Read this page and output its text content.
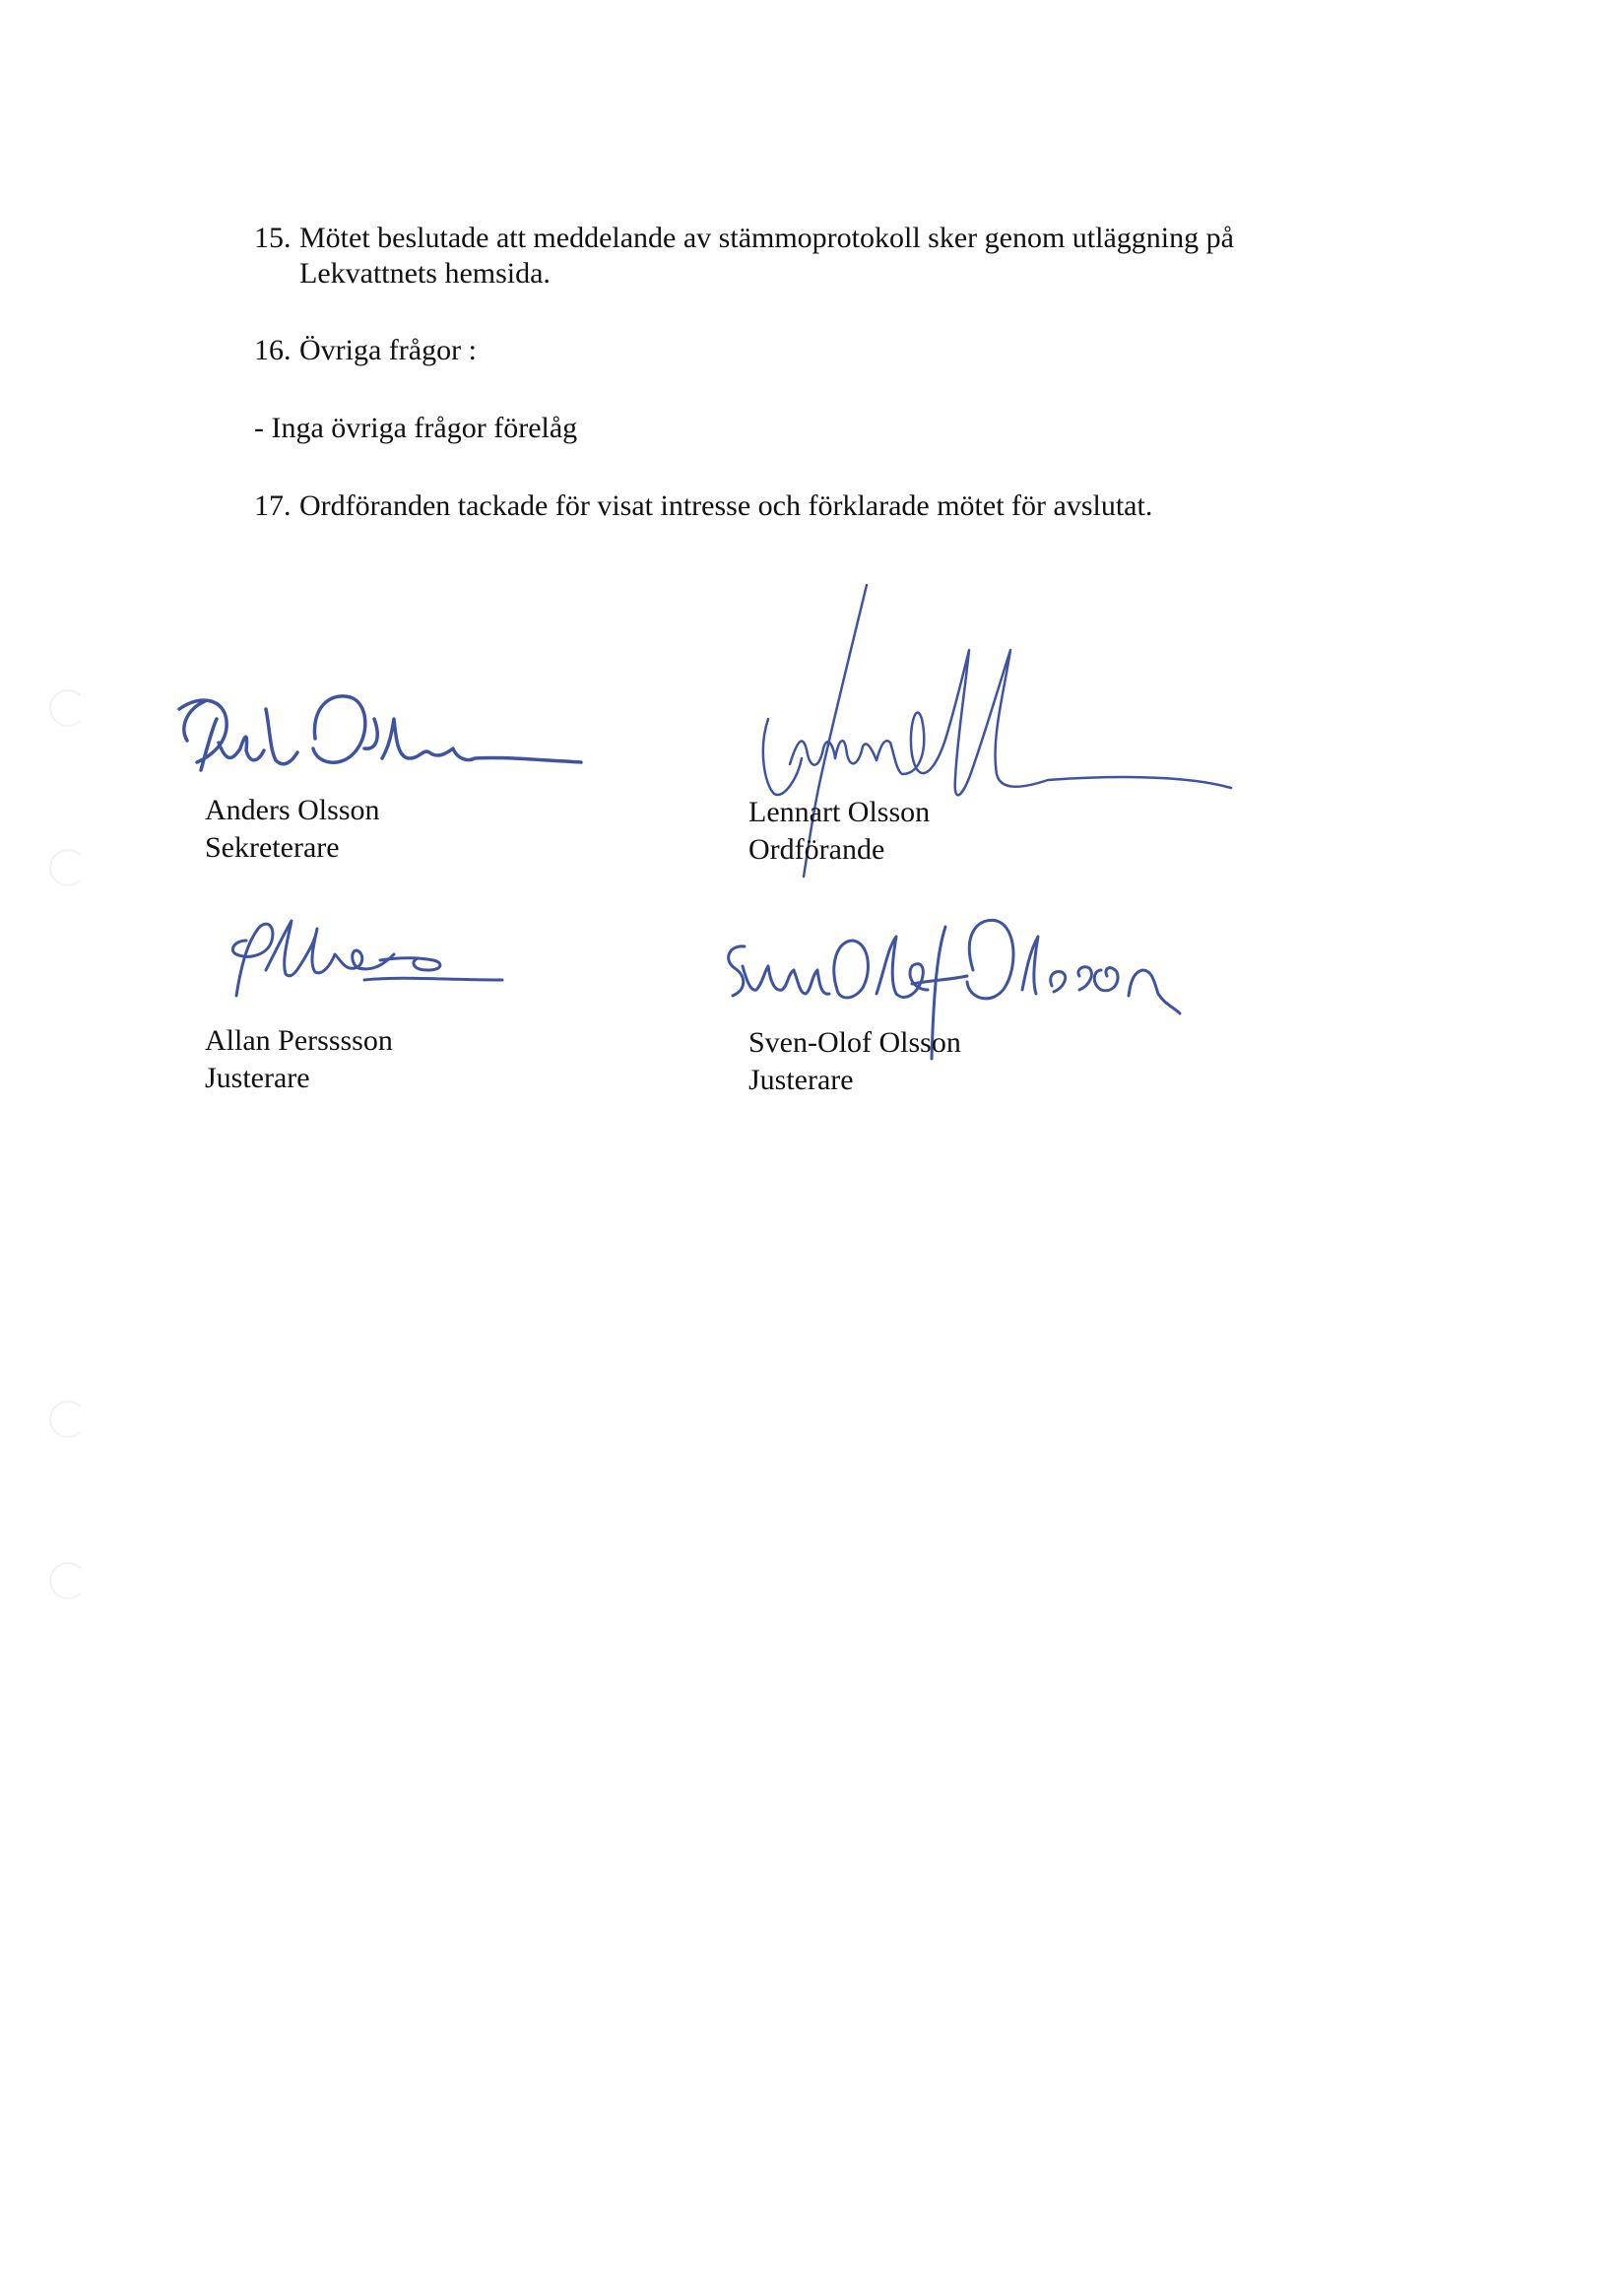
15. Mötet beslutade att meddelande av stämmoprotokoll sker genom utläggning på
Lekvattnets hemsida.
16. Övriga frågor :
- Inga övriga frågor förelåg
17. Ordföranden tackade för visat intresse och förklarade mötet för avslutat.
Anders Olsson
Sekreterare
Lennart Olsson
Ordförande
Allan Persssson
Justerare
Sven-Olof Olsson
Justerare
